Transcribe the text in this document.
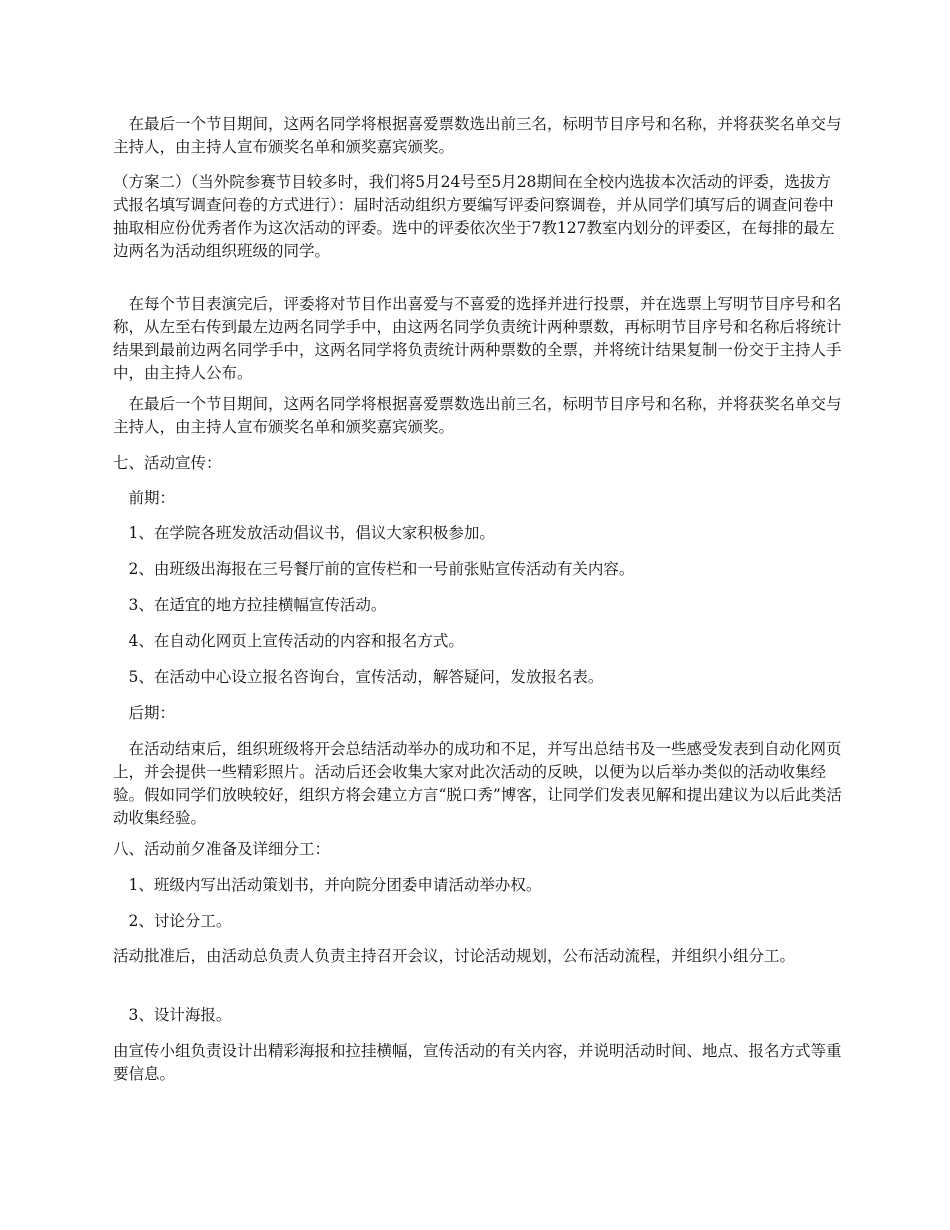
　在最后一个节目期间，这两名同学将根据喜爱票数选出前三名，标明节目序号和名称，并将获奖名单交与主持人，由主持人宣布颁奖名单和颁奖嘉宾颁奖。

（方案二）（当外院参赛节目较多时，我们将5月24号至5月28期间在全校内选拔本次活动的评委，选拔方式报名填写调查问卷的方式进行）：届时活动组织方要编写评委问察调卷，并从同学们填写后的调查问卷中抽取相应份优秀者作为这次活动的评委。选中的评委依次坐于7教127教室内划分的评委区，在每排的最左边两名为活动组织班级的同学。

　在每个节目表演完后，评委将对节目作出喜爱与不喜爱的选择并进行投票，并在选票上写明节目序号和名称，从左至右传到最左边两名同学手中，由这两名同学负责统计两种票数，再标明节目序号和名称后将统计结果到最前边两名同学手中，这两名同学将负责统计两种票数的全票，并将统计结果复制一份交于主持人手中，由主持人公布。

　在最后一个节目期间，这两名同学将根据喜爱票数选出前三名，标明节目序号和名称，并将获奖名单交与主持人，由主持人宣布颁奖名单和颁奖嘉宾颁奖。

七、活动宣传：

　前期：

　1、在学院各班发放活动倡议书，倡议大家积极参加。

　2、由班级出海报在三号餐厅前的宣传栏和一号前张贴宣传活动有关内容。

　3、在适宜的地方拉挂横幅宣传活动。

　4、在自动化网页上宣传活动的内容和报名方式。

　5、在活动中心设立报名咨询台，宣传活动，解答疑问，发放报名表。

　后期：

　在活动结束后，组织班级将开会总结活动举办的成功和不足，并写出总结书及一些感受发表到自动化网页上，并会提供一些精彩照片。活动后还会收集大家对此次活动的反映，以便为以后举办类似的活动收集经验。假如同学们放映较好，组织方将会建立方言“脱口秀”博客，让同学们发表见解和提出建议为以后此类活动收集经验。

八、活动前夕准备及详细分工：

　1、班级内写出活动策划书，并向院分团委申请活动举办权。

　2、讨论分工。

活动批准后，由活动总负责人负责主持召开会议，讨论活动规划，公布活动流程，并组织小组分工。

　3、设计海报。

由宣传小组负责设计出精彩海报和拉挂横幅，宣传活动的有关内容，并说明活动时间、地点、报名方式等重要信息。
